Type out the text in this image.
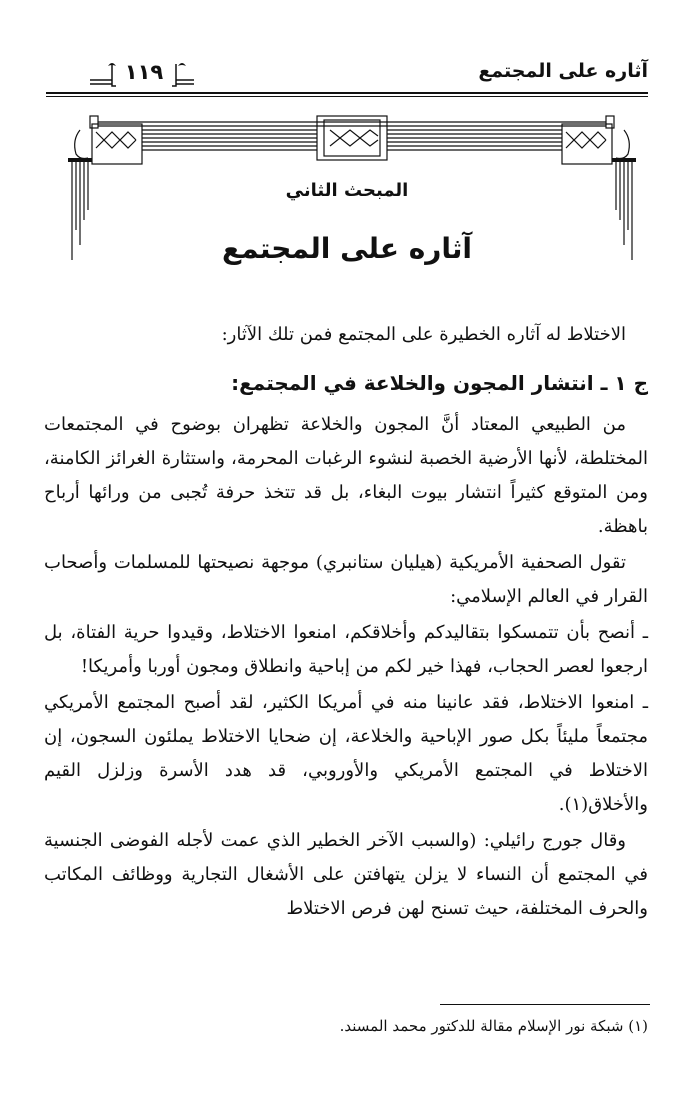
آثاره على المجتمع
١١٩
المبحث الثاني
آثاره على المجتمع

الاختلاط له آثاره الخطيرة على المجتمع فمن تلك الآثار:

ج ١ ـ انتشار المجون والخلاعة في المجتمع:

من الطبيعي المعتاد أنَّ المجون والخلاعة تظهران بوضوح في المجتمعات المختلطة، لأنها الأرضية الخصبة لنشوء الرغبات المحرمة، واستثارة الغرائز الكامنة، ومن المتوقع كثيراً انتشار بيوت البغاء، بل قد تتخذ حرفة تُجبى من ورائها أرباح باهظة.

تقول الصحفية الأمريكية (هيليان ستانبري) موجهة نصيحتها للمسلمات وأصحاب القرار في العالم الإسلامي:

ـ أنصح بأن تتمسكوا بتقاليدكم وأخلاقكم، امنعوا الاختلاط، وقيدوا حرية الفتاة، بل ارجعوا لعصر الحجاب، فهذا خير لكم من إباحية وانطلاق ومجون أوربا وأمريكا!

ـ امنعوا الاختلاط، فقد عانينا منه في أمريكا الكثير، لقد أصبح المجتمع الأمريكي مجتمعاً مليئاً بكل صور الإباحية والخلاعة، إن ضحايا الاختلاط يملئون السجون، إن الاختلاط في المجتمع الأمريكي والأوروبي، قد هدد الأسرة وزلزل القيم والأخلاق(١).

وقال جورج رائيلي: (والسبب الآخر الخطير الذي عمت لأجله الفوضى الجنسية في المجتمع أن النساء لا يزلن يتهافتن على الأشغال التجارية ووظائف المكاتب والحرف المختلفة، حيث تسنح لهن فرص الاختلاط

(١) شبكة نور الإسلام مقالة للدكتور محمد المسند.
